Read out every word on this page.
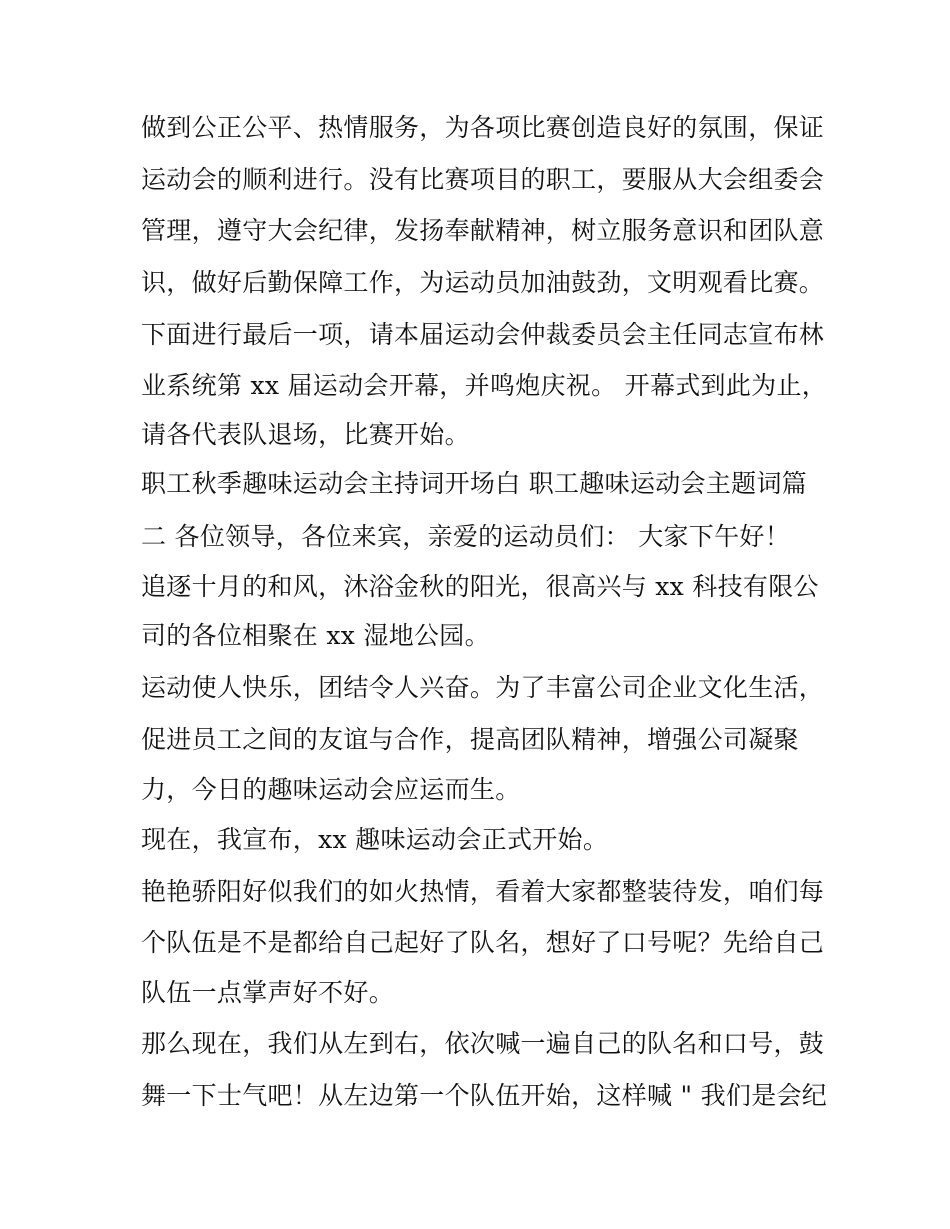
做到公正公平、热情服务，为各项比赛创造良好的氛围，保证
运动会的顺利进行。没有比赛项目的职工，要服从大会组委会
管理，遵守大会纪律，发扬奉献精神，树立服务意识和团队意
识，做好后勤保障工作，为运动员加油鼓劲，文明观看比赛。
下面进行最后一项，请本届运动会仲裁委员会主任同志宣布林
业系统第 xx 届运动会开幕，并鸣炮庆祝。 开幕式到此为止，
请各代表队退场，比赛开始。
职工秋季趣味运动会主持词开场白 职工趣味运动会主题词篇
二 各位领导，各位来宾，亲爱的运动员们： 大家下午好！
追逐十月的和风，沐浴金秋的阳光，很高兴与 xx 科技有限公
司的各位相聚在 xx 湿地公园。
运动使人快乐，团结令人兴奋。为了丰富公司企业文化生活，
促进员工之间的友谊与合作，提高团队精神，增强公司凝聚
力，今日的趣味运动会应运而生。
现在，我宣布，xx 趣味运动会正式开始。
艳艳骄阳好似我们的如火热情，看着大家都整装待发，咱们每
个队伍是不是都给自己起好了队名，想好了口号呢？先给自己
队伍一点掌声好不好。
那么现在，我们从左到右，依次喊一遍自己的队名和口号，鼓
舞一下士气吧！从左边第一个队伍开始，这样喊 " 我们是会纪
